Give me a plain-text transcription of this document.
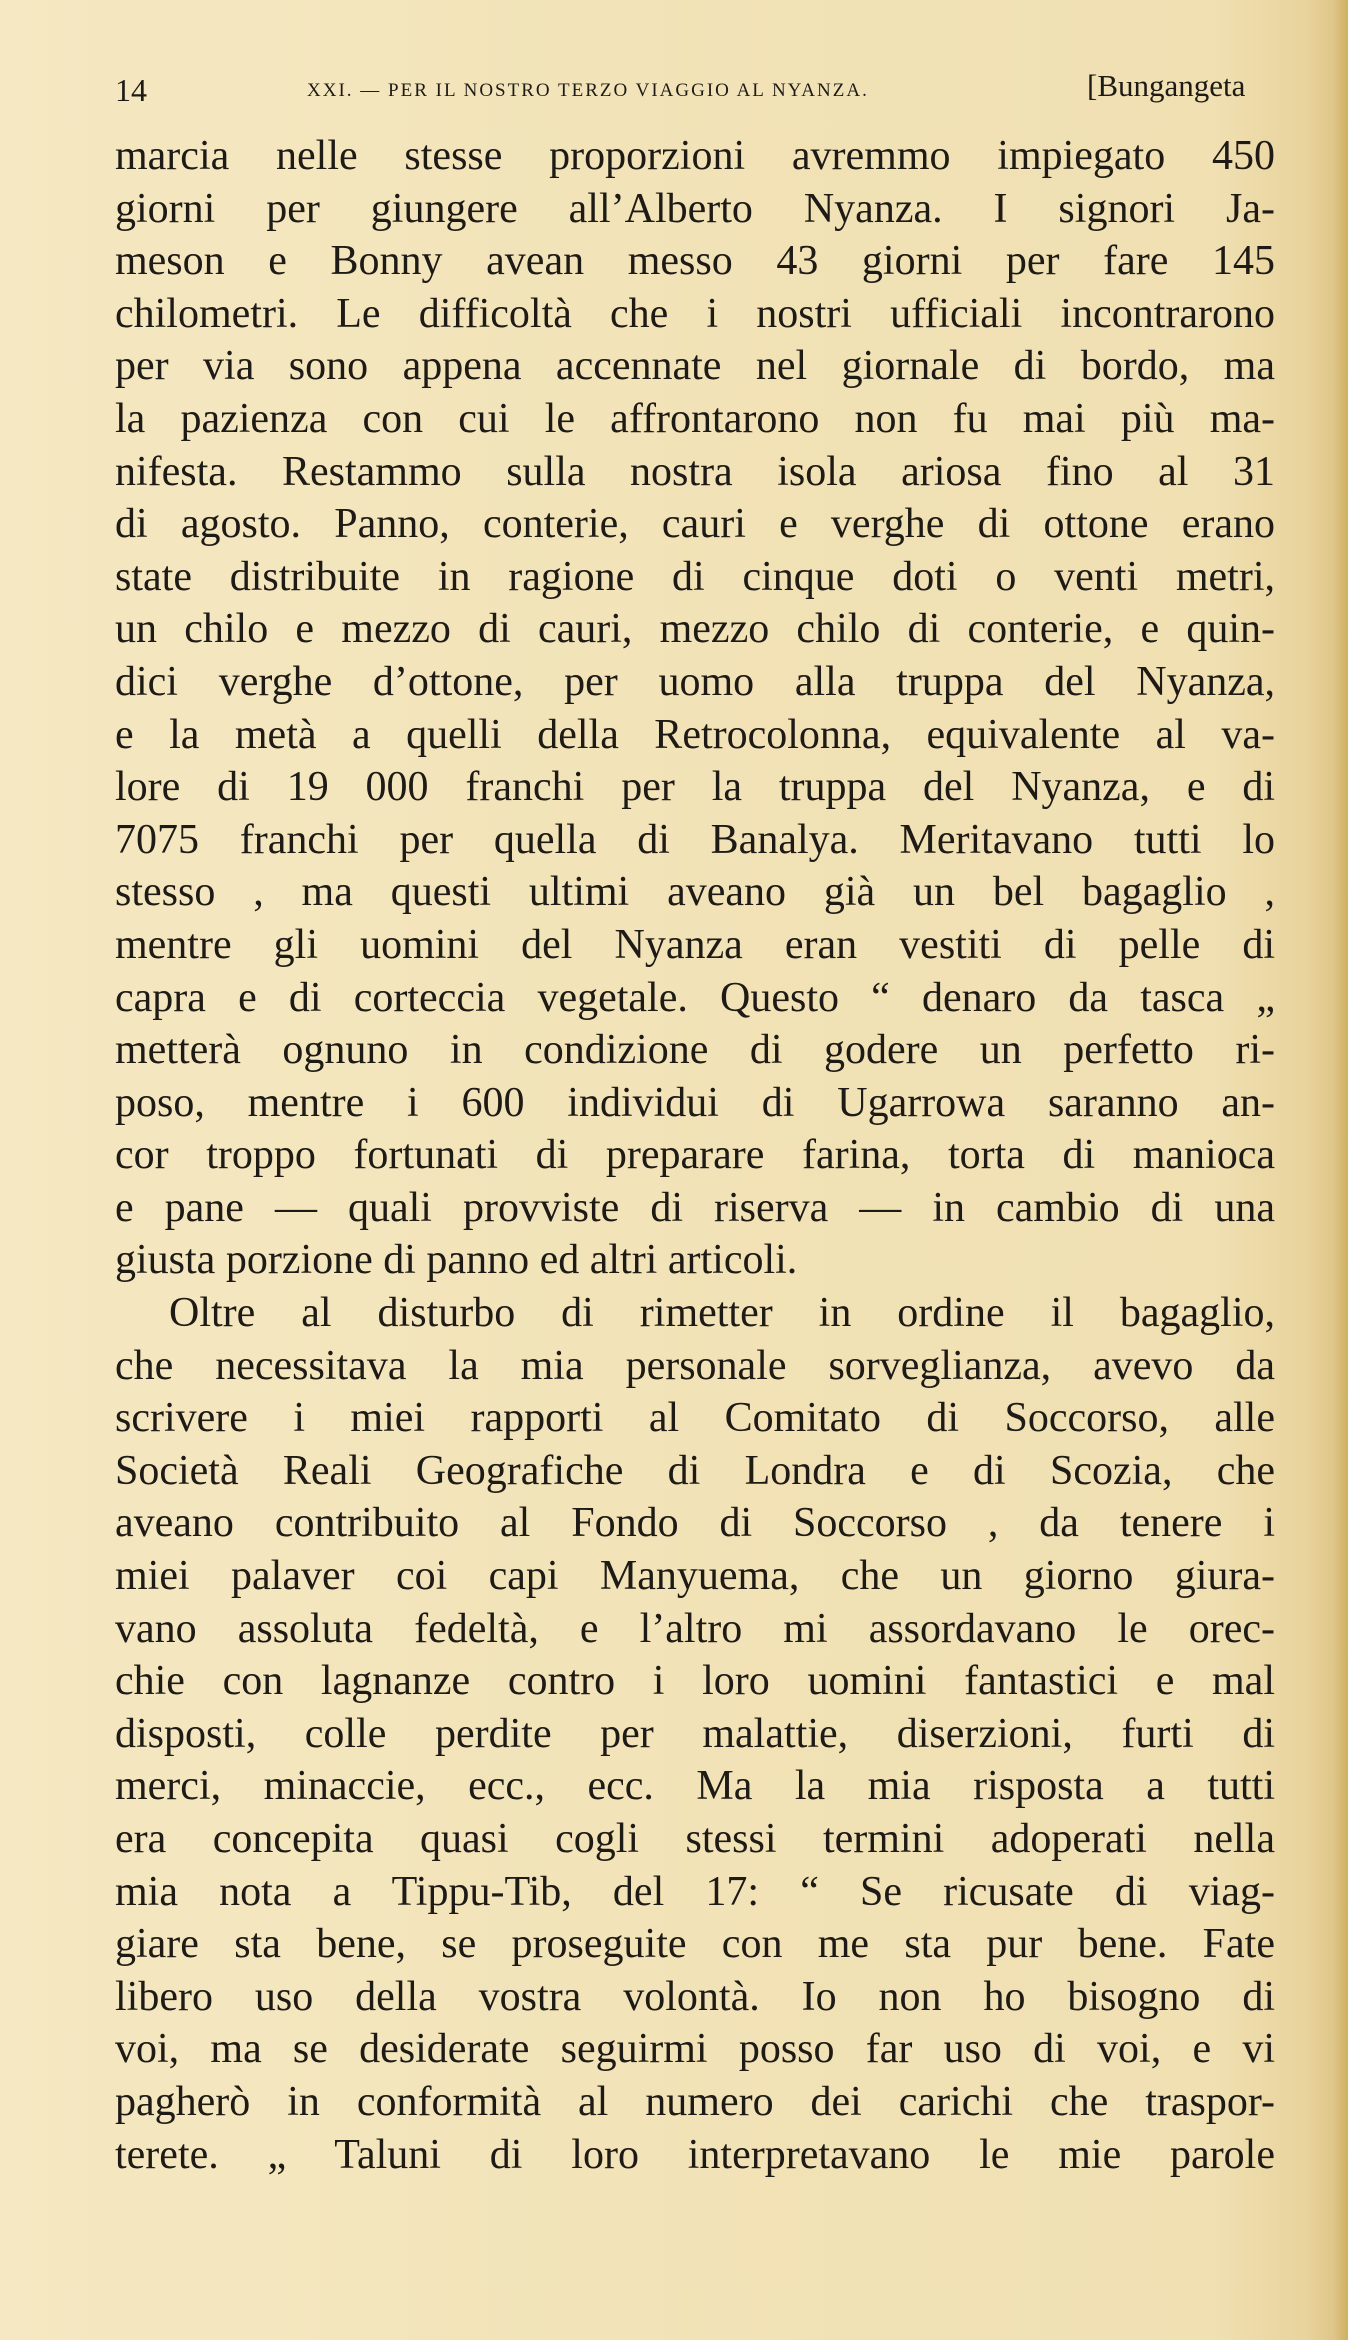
14	XXI. — PER IL NOSTRO TERZO VIAGGIO AL NYANZA.	[Bungangeta
marcia nelle stesse proporzioni avremmo impiegato 450
giorni per giungere all’Alberto Nyanza. I signori Ja-
meson e Bonny avean messo 43 giorni per fare 145
chilometri. Le difficoltà che i nostri ufficiali incontrarono
per via sono appena accennate nel giornale di bordo, ma
la pazienza con cui le affrontarono non fu mai più ma-
nifesta. Restammo sulla nostra isola ariosa fino al 31
di agosto. Panno, conterie, cauri e verghe di ottone erano
state distribuite in ragione di cinque doti o venti metri,
un chilo e mezzo di cauri, mezzo chilo di conterie, e quin-
dici verghe d’ottone, per uomo alla truppa del Nyanza,
e la metà a quelli della Retrocolonna, equivalente al va-
lore di 19 000 franchi per la truppa del Nyanza, e di
7075 franchi per quella di Banalya. Meritavano tutti lo
stesso , ma questi ultimi aveano già un bel bagaglio ,
mentre gli uomini del Nyanza eran vestiti di pelle di
capra e di corteccia vegetale. Questo “ denaro da tasca „
metterà ognuno in condizione di godere un perfetto ri-
poso, mentre i 600 individui di Ugarrowa saranno an-
cor troppo fortunati di preparare farina, torta di manioca
e pane — quali provviste di riserva — in cambio di una
giusta porzione di panno ed altri articoli.
Oltre al disturbo di rimetter in ordine il bagaglio,
che necessitava la mia personale sorveglianza, avevo da
scrivere i miei rapporti al Comitato di Soccorso, alle
Società Reali Geografiche di Londra e di Scozia, che
aveano contribuito al Fondo di Soccorso , da tenere i
miei palaver coi capi Manyuema, che un giorno giura-
vano assoluta fedeltà, e l’altro mi assordavano le orec-
chie con lagnanze contro i loro uomini fantastici e mal
disposti, colle perdite per malattie, diserzioni, furti di
merci, minaccie, ecc., ecc. Ma la mia risposta a tutti
era concepita quasi cogli stessi termini adoperati nella
mia nota a Tippu-Tib, del 17: “ Se ricusate di viag-
giare sta bene, se proseguite con me sta pur bene. Fate
libero uso della vostra volontà. Io non ho bisogno di
voi, ma se desiderate seguirmi posso far uso di voi, e vi
pagherò in conformità al numero dei carichi che traspor-
terete. „ Taluni di loro interpretavano le mie parole
